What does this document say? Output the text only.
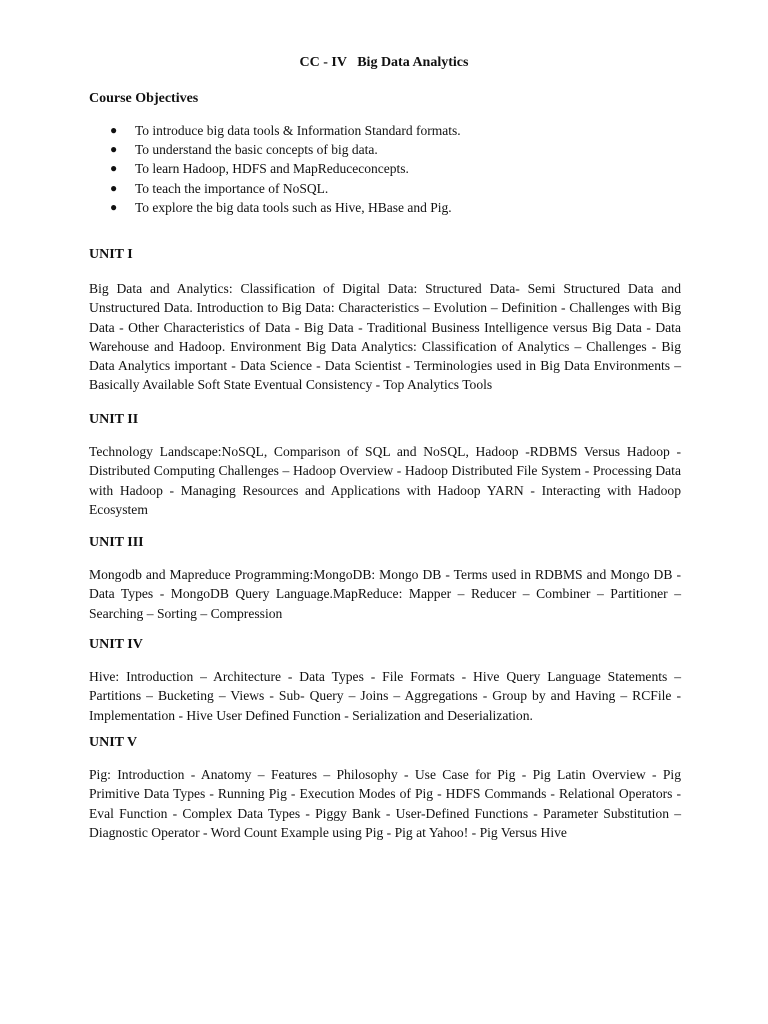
CC - IV   Big Data Analytics
Course Objectives
● To introduce big data tools & Information Standard formats.
● To understand the basic concepts of big data.
● To learn Hadoop, HDFS and MapReduceconcepts.
● To teach the importance of NoSQL.
● To explore the big data tools such as Hive, HBase and Pig.
UNIT I

Big Data and Analytics: Classification of Digital Data: Structured Data- Semi Structured Data and Unstructured Data. Introduction to Big Data: Characteristics – Evolution – Definition - Challenges with Big Data - Other Characteristics of Data - Big Data - Traditional Business Intelligence versus Big Data - Data Warehouse and Hadoop. Environment Big Data Analytics: Classification of Analytics – Challenges - Big Data Analytics important - Data Science - Data Scientist - Terminologies used in Big Data Environments – Basically Available Soft State Eventual Consistency - Top Analytics Tools

UNIT II

Technology Landscape:NoSQL, Comparison of SQL and NoSQL, Hadoop -RDBMS Versus Hadoop - Distributed Computing Challenges – Hadoop Overview - Hadoop Distributed File System - Processing Data with Hadoop - Managing Resources and Applications with Hadoop YARN - Interacting with Hadoop Ecosystem

UNIT III

Mongodb and Mapreduce Programming:MongoDB: Mongo DB - Terms used in RDBMS and Mongo DB - Data Types - MongoDB Query Language.MapReduce: Mapper – Reducer – Combiner – Partitioner – Searching – Sorting – Compression

UNIT IV

Hive: Introduction – Architecture - Data Types - File Formats - Hive Query Language Statements – Partitions – Bucketing – Views - Sub- Query – Joins – Aggregations - Group by and Having – RCFile - Implementation - Hive User Defined Function - Serialization and Deserialization.

UNIT V

Pig: Introduction - Anatomy – Features – Philosophy - Use Case for Pig - Pig Latin Overview - Pig Primitive Data Types - Running Pig - Execution Modes of Pig - HDFS Commands - Relational Operators - Eval Function - Complex Data Types - Piggy Bank - User-Defined Functions - Parameter Substitution – Diagnostic Operator - Word Count Example using Pig - Pig at Yahoo! - Pig Versus Hive
